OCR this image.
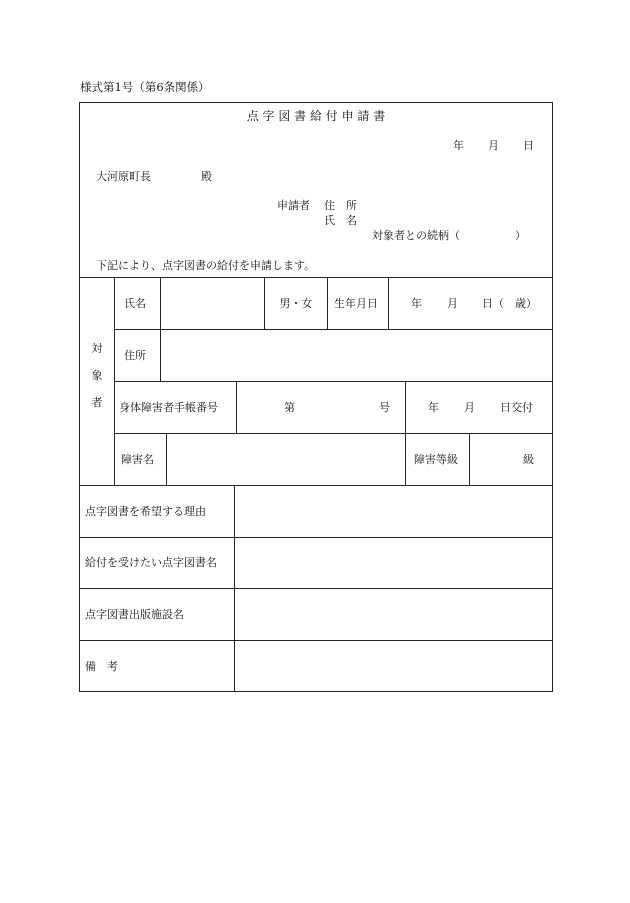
様式第1号（第6条関係）
点 字 図 書 給 付 申 請 書
年 月 日
大河原町長	殿
申請者 住　所
氏　名
対象者との続柄（　　　　　）
下記により、点字図書の給付を申請します。
対
象
者
氏名	男・女 生年月日	年 月 日（　歳）
住所
身体障害者手帳番号	第	号	年 月 日交付
障害名	障害等級	級
点字図書を希望する理由
給付を受けたい点字図書名
点字図書出版施設名
備　考
